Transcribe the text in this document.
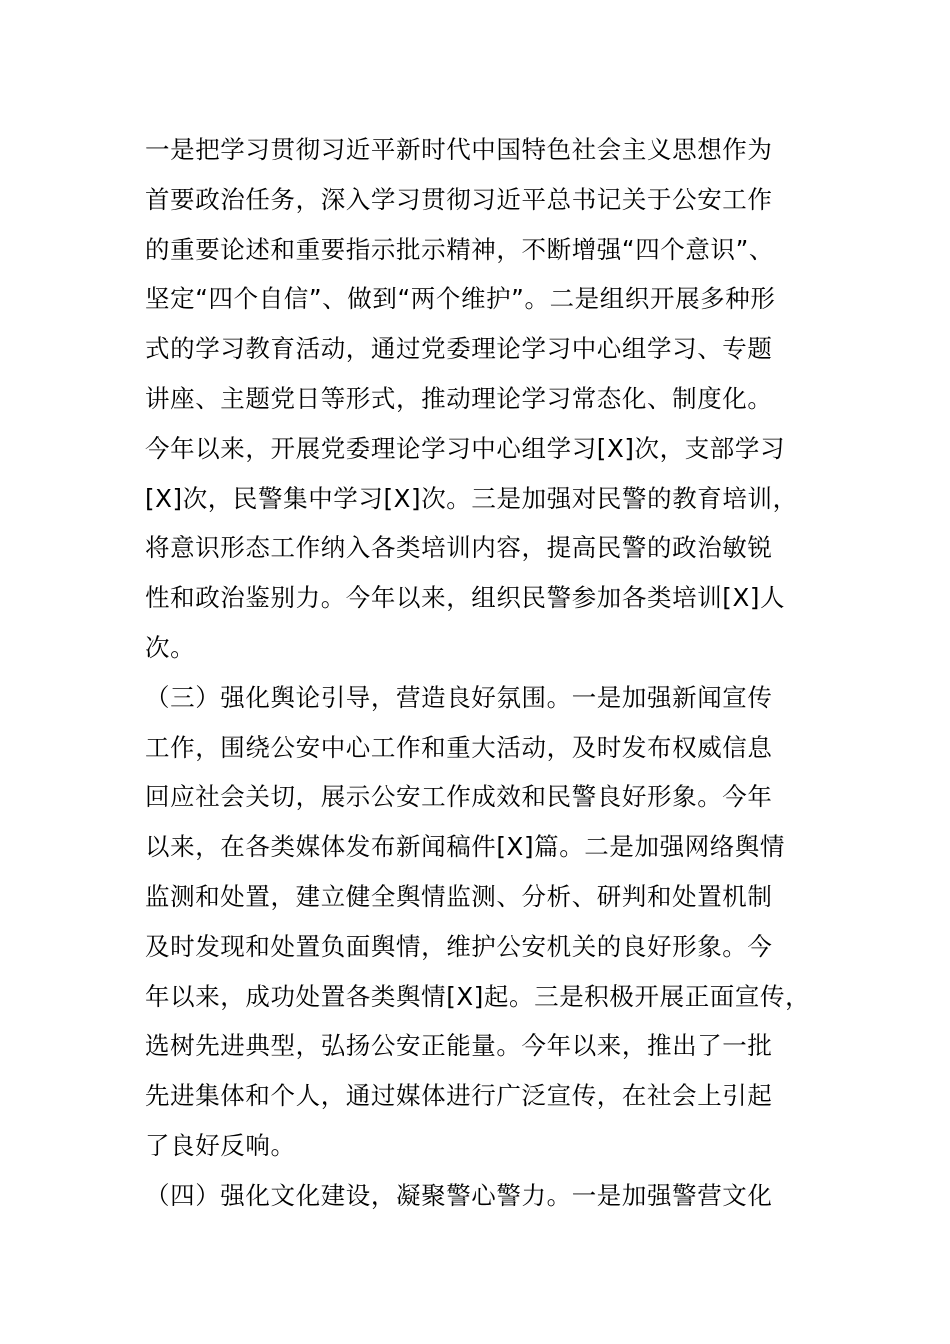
一是把学习贯彻习近平新时代中国特色社会主义思想作为
首要政治任务，深入学习贯彻习近平总书记关于公安工作
的重要论述和重要指示批示精神，不断增强“四个意识”、
坚定“四个自信”、做到“两个维护”。二是组织开展多种形
式的学习教育活动，通过党委理论学习中心组学习、专题
讲座、主题党日等形式，推动理论学习常态化、制度化。
今年以来，开展党委理论学习中心组学习[X]次，支部学习
[X]次，民警集中学习[X]次。三是加强对民警的教育培训，
将意识形态工作纳入各类培训内容，提高民警的政治敏锐
性和政治鉴别力。今年以来，组织民警参加各类培训[X]人
次。
（三）强化舆论引导，营造良好氛围。一是加强新闻宣传
工作，围绕公安中心工作和重大活动，及时发布权威信息
回应社会关切，展示公安工作成效和民警良好形象。今年
以来，在各类媒体发布新闻稿件[X]篇。二是加强网络舆情
监测和处置，建立健全舆情监测、分析、研判和处置机制
及时发现和处置负面舆情，维护公安机关的良好形象。今
年以来，成功处置各类舆情[X]起。三是积极开展正面宣传，
选树先进典型，弘扬公安正能量。今年以来，推出了一批
先进集体和个人，通过媒体进行广泛宣传，在社会上引起
了良好反响。
（四）强化文化建设，凝聚警心警力。一是加强警营文化
